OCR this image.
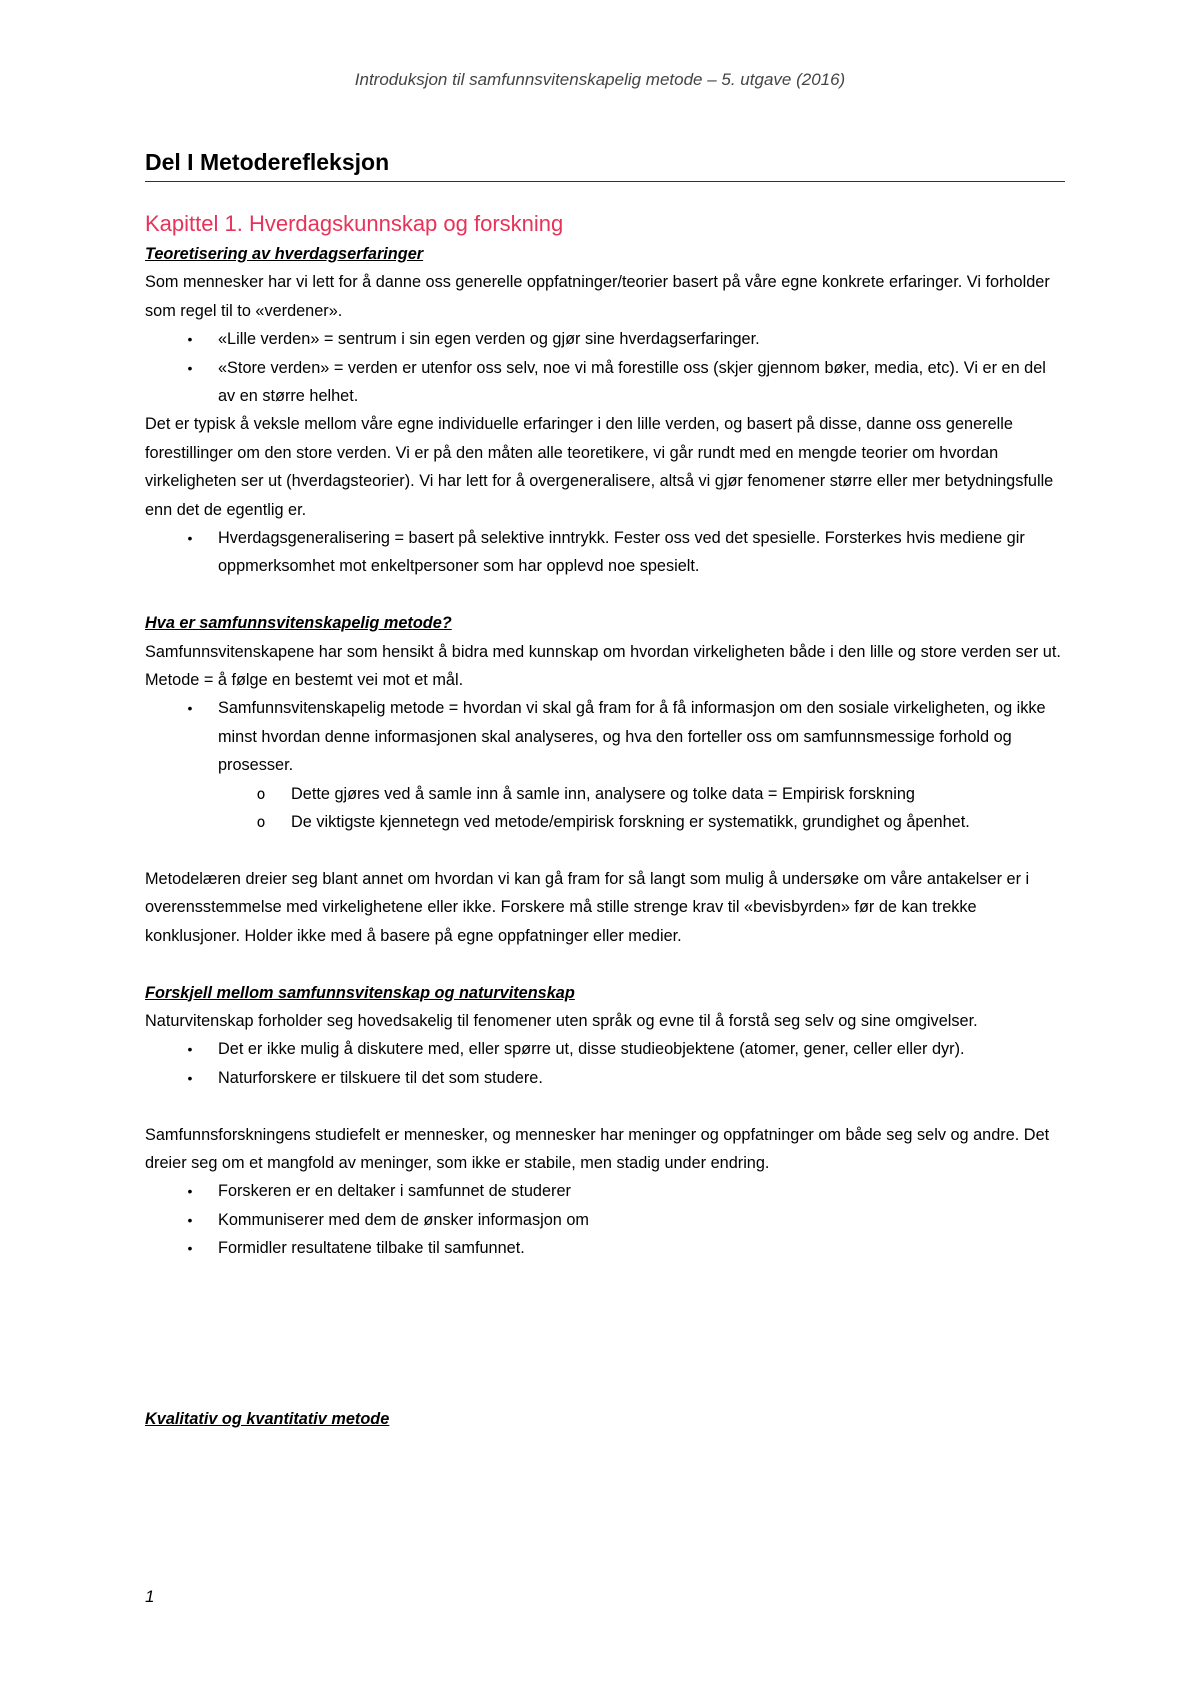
Introduksjon til samfunnsvitenskapelig metode – 5. utgave (2016)
Del I Metoderefleksjon
Kapittel 1. Hverdagskunnskap og forskning

Teoretisering av hverdagserfaringer

Som mennesker har vi lett for å danne oss generelle oppfatninger/teorier basert på våre egne konkrete erfaringer. Vi forholder som regel til to «verdener».

• «Lille verden» = sentrum i sin egen verden og gjør sine hverdagserfaringer.
• «Store verden» = verden er utenfor oss selv, noe vi må forestille oss (skjer gjennom bøker, media, etc). Vi er en del av en større helhet.

Det er typisk å veksle mellom våre egne individuelle erfaringer i den lille verden, og basert på disse, danne oss generelle forestillinger om den store verden. Vi er på den måten alle teoretikere, vi går rundt med en mengde teorier om hvordan virkeligheten ser ut (hverdagsteorier). Vi har lett for å overgeneralisere, altså vi gjør fenomener større eller mer betydningsfulle enn det de egentlig er.

• Hverdagsgeneralisering = basert på selektive inntrykk. Fester oss ved det spesielle. Forsterkes hvis mediene gir oppmerksomhet mot enkeltpersoner som har opplevd noe spesielt.

Hva er samfunnsvitenskapelig metode?

Samfunnsvitenskapene har som hensikt å bidra med kunnskap om hvordan virkeligheten både i den lille og store verden ser ut.

Metode = å følge en bestemt vei mot et mål.

• Samfunnsvitenskapelig metode = hvordan vi skal gå fram for å få informasjon om den sosiale virkeligheten, og ikke minst hvordan denne informasjonen skal analyseres, og hva den forteller oss om samfunnsmessige forhold og prosesser.
o Dette gjøres ved å samle inn å samle inn, analysere og tolke data = Empirisk forskning
o De viktigste kjennetegn ved metode/empirisk forskning er systematikk, grundighet og åpenhet.

Metodelæren dreier seg blant annet om hvordan vi kan gå fram for så langt som mulig å undersøke om våre antakelser er i overensstemmelse med virkelighetene eller ikke. Forskere må stille strenge krav til «bevisbyrden» før de kan trekke konklusjoner. Holder ikke med å basere på egne oppfatninger eller medier.

Forskjell mellom samfunnsvitenskap og naturvitenskap

Naturvitenskap forholder seg hovedsakelig til fenomener uten språk og evne til å forstå seg selv og sine omgivelser.

• Det er ikke mulig å diskutere med, eller spørre ut, disse studieobjektene (atomer, gener, celler eller dyr).
• Naturforskere er tilskuere til det som studere.

Samfunnsforskningens studiefelt er mennesker, og mennesker har meninger og oppfatninger om både seg selv og andre. Det dreier seg om et mangfold av meninger, som ikke er stabile, men stadig under endring.

• Forskeren er en deltaker i samfunnet de studerer
• Kommuniserer med dem de ønsker informasjon om
• Formidler resultatene tilbake til samfunnet.

Kvalitativ og kvantitativ metode

1
